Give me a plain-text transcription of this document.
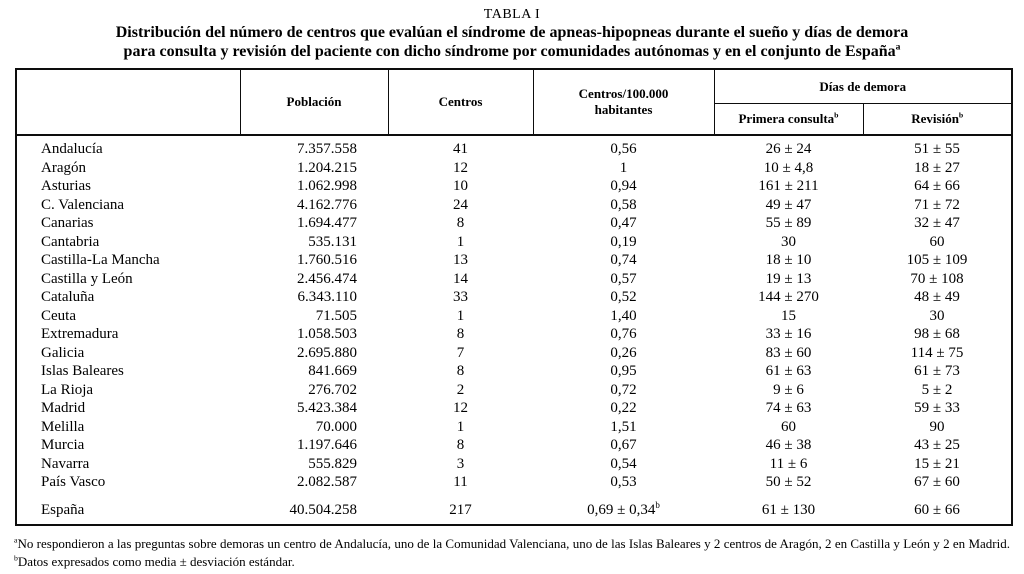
TABLA I
Distribución del número de centros que evalúan el síndrome de apneas-hipopneas durante el sueño y días de demora
para consulta y revisión del paciente con dicho síndrome por comunidades autónomas y en el conjunto de España$^a$
	Población	Centros	Centros/100.000 habitantes	Días de demora	
				Primera consulta$^b$	Revisión$^b$
Andalucía	7.357.558	41	0,56	26 ± 24	51 ± 55
Aragón	1.204.215	12	1	10 ± 4,8	18 ± 27
Asturias	1.062.998	10	0,94	161 ± 211	64 ± 66
C. Valenciana	4.162.776	24	0,58	49 ± 47	71 ± 72
Canarias	1.694.477	8	0,47	55 ± 89	32 ± 47
Cantabria	535.131	1	0,19	30	60
Castilla-La Mancha	1.760.516	13	0,74	18 ± 10	105 ± 109
Castilla y León	2.456.474	14	0,57	19 ± 13	70 ± 108
Cataluña	6.343.110	33	0,52	144 ± 270	48 ± 49
Ceuta	71.505	1	1,40	15	30
Extremadura	1.058.503	8	0,76	33 ± 16	98 ± 68
Galicia	2.695.880	7	0,26	83 ± 60	114 ± 75
Islas Baleares	841.669	8	0,95	61 ± 63	61 ± 73
La Rioja	276.702	2	0,72	9 ± 6	5 ± 2
Madrid	5.423.384	12	0,22	74 ± 63	59 ± 33
Melilla	70.000	1	1,51	60	90
Murcia	1.197.646	8	0,67	46 ± 38	43 ± 25
Navarra	555.829	3	0,54	11 ± 6	15 ± 21
País Vasco	2.082.587	11	0,53	50 ± 52	67 ± 60
España	40.504.258	217	0,69 ± 0,34$^b$	61 ± 130	60 ± 66
$^a$No respondieron a las preguntas sobre demoras un centro de Andalucía, uno de la Comunidad Valenciana, uno de las Islas Baleares y 2 centros de Aragón, 2 en Castilla y León y 2 en Madrid. $^b$Datos expresados como media ± desviación estándar.
